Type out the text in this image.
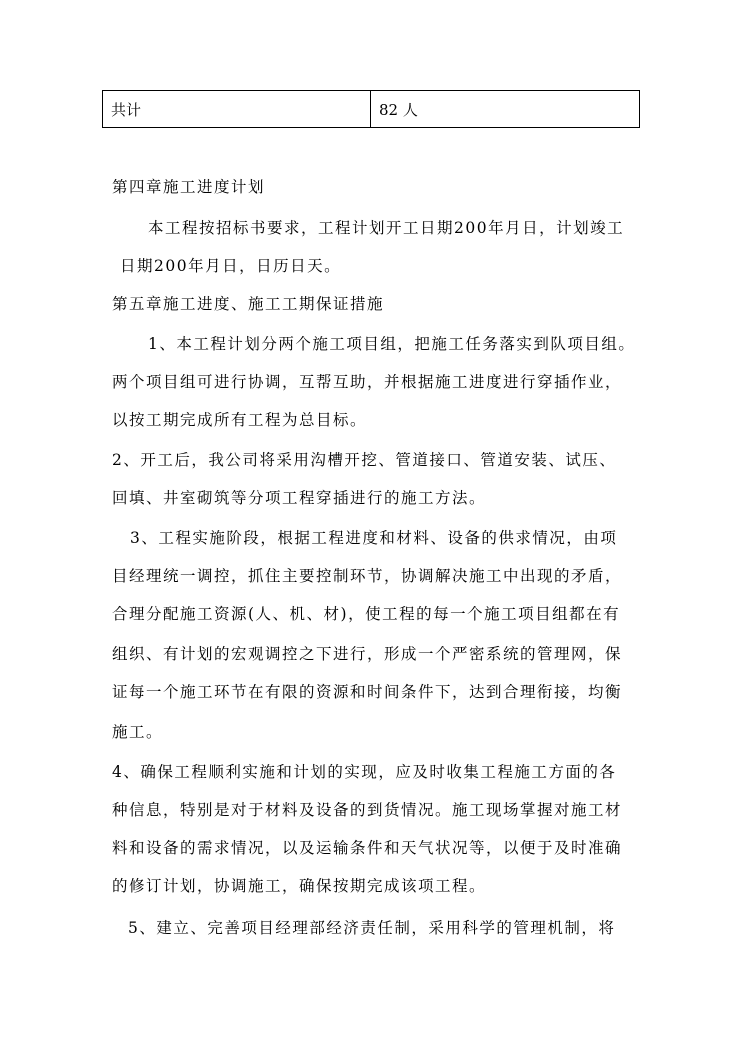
共计	82 人
第四章施工进度计划
本工程按招标书要求，工程计划开工日期200年月日，计划竣工
日期200年月日，日历日天。
第五章施工进度、施工工期保证措施
1、本工程计划分两个施工项目组，把施工任务落实到队项目组。
两个项目组可进行协调，互帮互助，并根据施工进度进行穿插作业，
以按工期完成所有工程为总目标。
2、开工后，我公司将采用沟槽开挖、管道接口、管道安装、试压、
回填、井室砌筑等分项工程穿插进行的施工方法。
3、工程实施阶段，根据工程进度和材料、设备的供求情况，由项
目经理统一调控，抓住主要控制环节，协调解决施工中出现的矛盾，
合理分配施工资源(人、机、材)，使工程的每一个施工项目组都在有
组织、有计划的宏观调控之下进行，形成一个严密系统的管理网，保
证每一个施工环节在有限的资源和时间条件下，达到合理衔接，均衡
施工。
4、确保工程顺利实施和计划的实现，应及时收集工程施工方面的各
种信息，特别是对于材料及设备的到货情况。施工现场掌握对施工材
料和设备的需求情况，以及运输条件和天气状况等，以便于及时准确
的修订计划，协调施工，确保按期完成该项工程。
5、建立、完善项目经理部经济责任制，采用科学的管理机制，将
